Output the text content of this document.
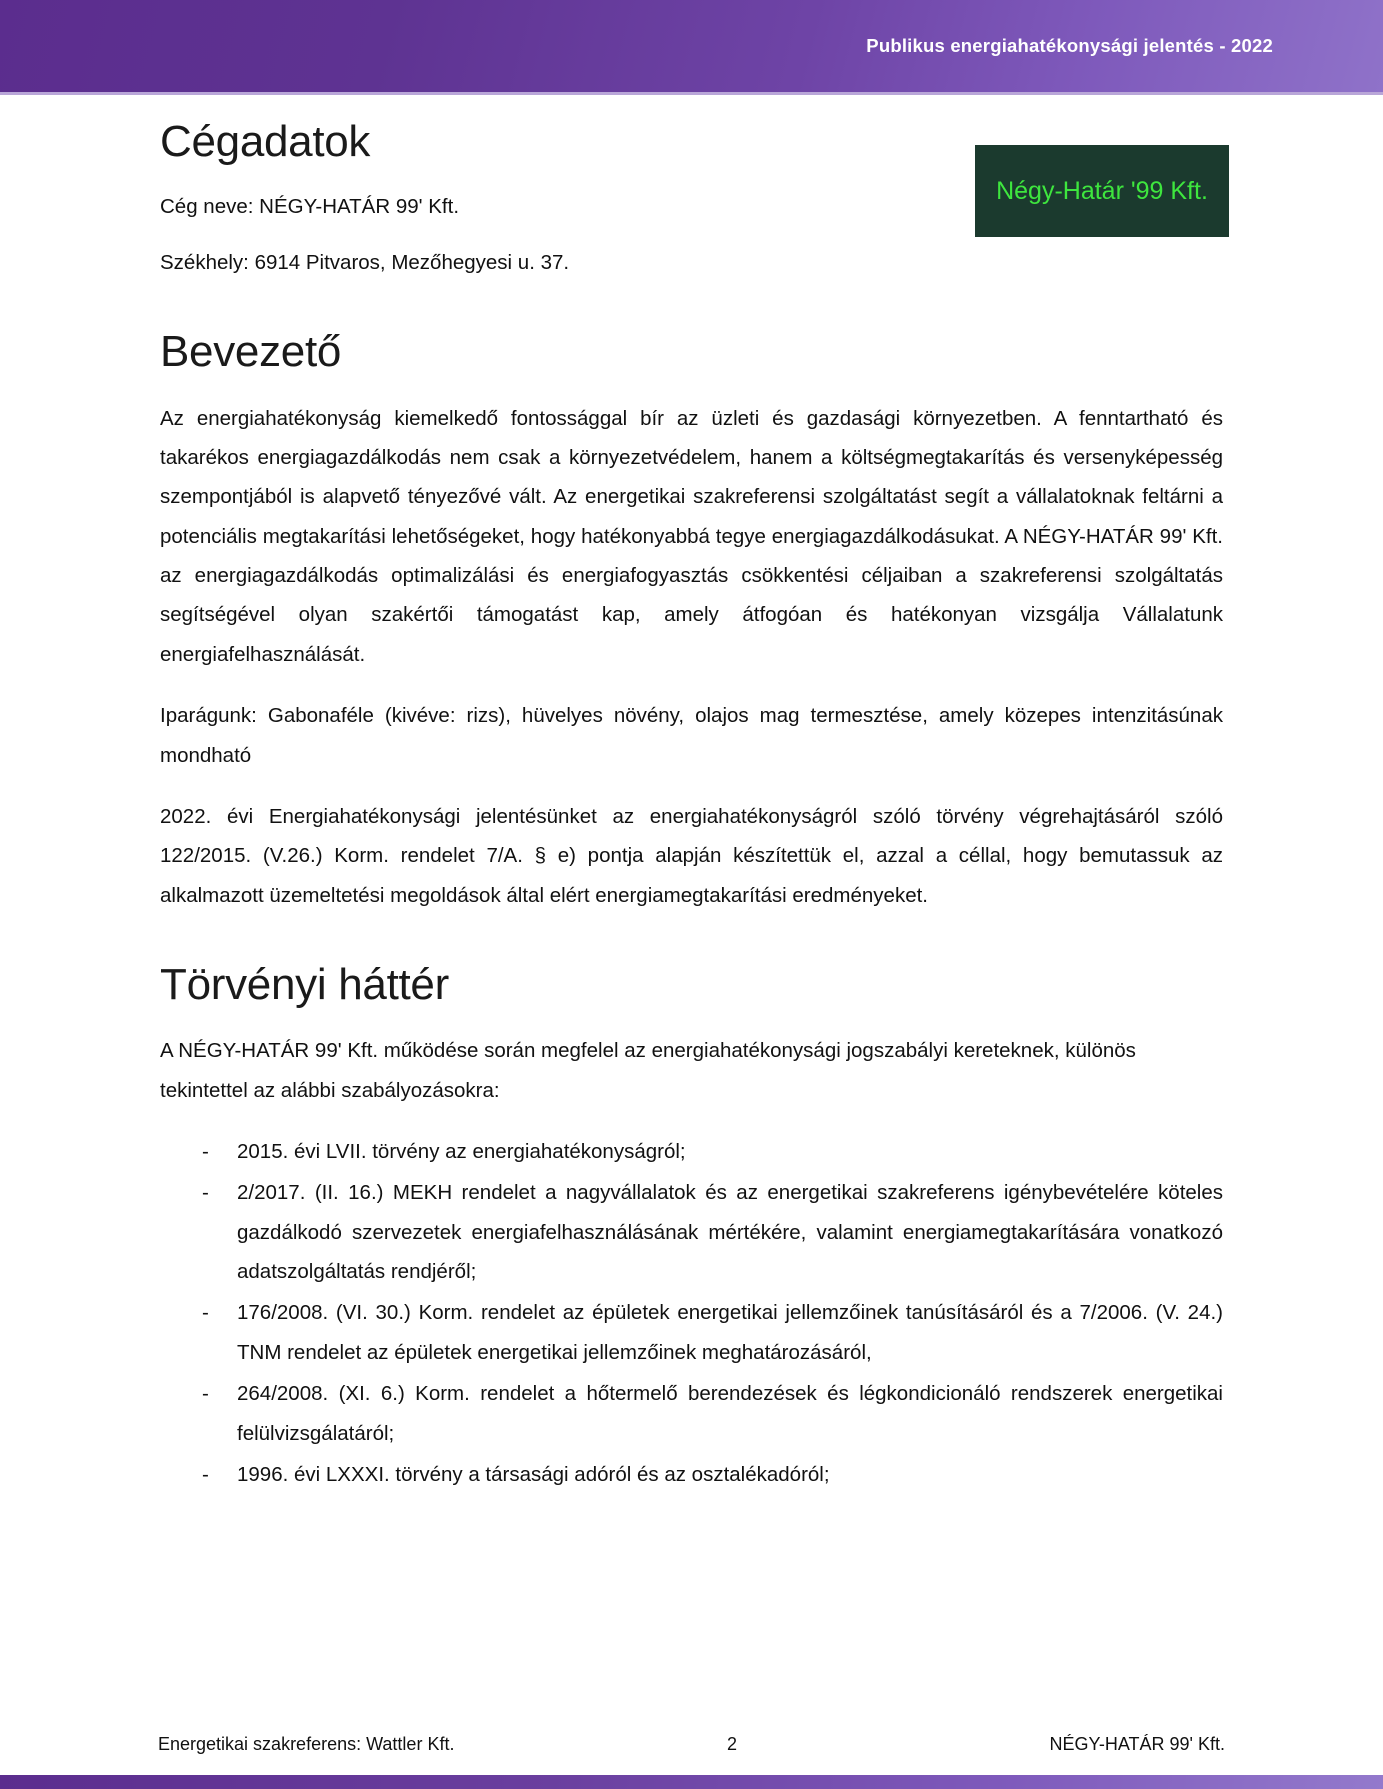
Publikus energiahatékonysági jelentés - 2022
Négy-Határ '99 Kft.
Cégadatok

Cég neve: NÉGY-HATÁR 99' Kft.

Székhely: 6914 Pitvaros, Mezőhegyesi u. 37.

Bevezető

Az energiahatékonyság kiemelkedő fontossággal bír az üzleti és gazdasági környezetben. A fenntartható és takarékos energiagazdálkodás nem csak a környezetvédelem, hanem a költségmegtakarítás és versenyképesség szempontjából is alapvető tényezővé vált. Az energetikai szakreferensi szolgáltatást segít a vállalatoknak feltárni a potenciális megtakarítási lehetőségeket, hogy hatékonyabbá tegye energiagazdálkodásukat. A NÉGY-HATÁR 99' Kft. az energiagazdálkodás optimalizálási és energiafogyasztás csökkentési céljaiban a szakreferensi szolgáltatás segítségével olyan szakértői támogatást kap, amely átfogóan és hatékonyan vizsgálja Vállalatunk energiafelhasználását.

Iparágunk: Gabonaféle (kivéve: rizs), hüvelyes növény, olajos mag termesztése, amely közepes intenzitásúnak mondható

2022. évi Energiahatékonysági jelentésünket az energiahatékonyságról szóló törvény végrehajtásáról szóló 122/2015. (V.26.) Korm. rendelet 7/A. § e) pontja alapján készítettük el, azzal a céllal, hogy bemutassuk az alkalmazott üzemeltetési megoldások által elért energiamegtakarítási eredményeket.

Törvényi háttér

A NÉGY-HATÁR 99' Kft. működése során megfelel az energiahatékonysági jogszabályi kereteknek, különös tekintettel az alábbi szabályozásokra:

- 2015. évi LVII. törvény az energiahatékonyságról;
- 2/2017. (II. 16.) MEKH rendelet a nagyvállalatok és az energetikai szakreferens igénybevételére köteles gazdálkodó szervezetek energiafelhasználásának mértékére, valamint energiamegtakarítására vonatkozó adatszolgáltatás rendjéről;
- 176/2008. (VI. 30.) Korm. rendelet az épületek energetikai jellemzőinek tanúsításáról és a 7/2006. (V. 24.) TNM rendelet az épületek energetikai jellemzőinek meghatározásáról,
- 264/2008. (XI. 6.) Korm. rendelet a hőtermelő berendezések és légkondicionáló rendszerek energetikai felülvizsgálatáról;
- 1996. évi LXXXI. törvény a társasági adóról és az osztalékadóról;
Energetikai szakreferens: Wattler Kft.	2	NÉGY-HATÁR 99' Kft.
